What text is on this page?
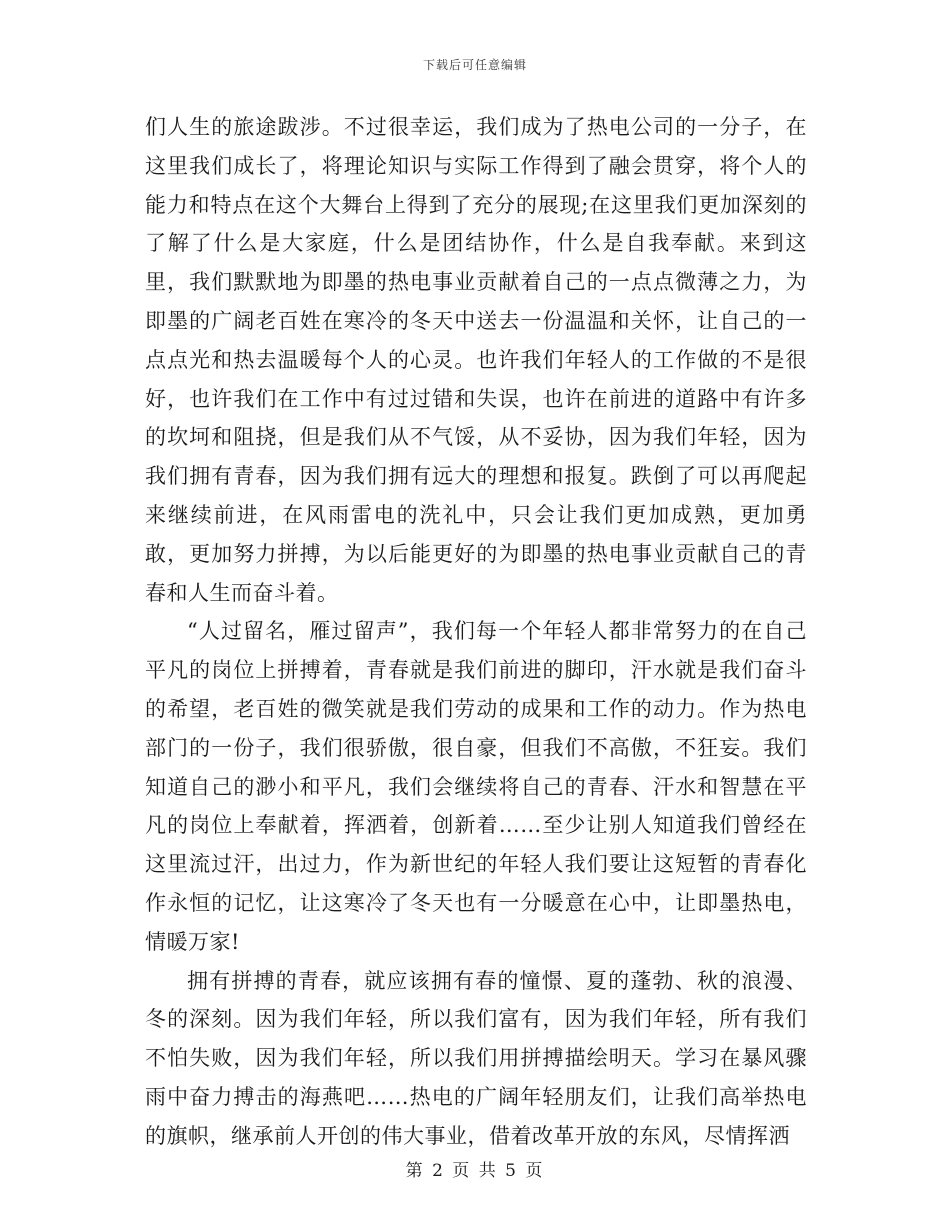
下载后可任意编辑

们人生的旅途跋涉。不过很幸运，我们成为了热电公司的一分子，在这里我们成长了，将理论知识与实际工作得到了融会贯穿，将个人的能力和特点在这个大舞台上得到了充分的展现;在这里我们更加深刻的了解了什么是大家庭，什么是团结协作，什么是自我奉献。来到这里，我们默默地为即墨的热电事业贡献着自己的一点点微薄之力，为即墨的广阔老百姓在寒冷的冬天中送去一份温温和关怀，让自己的一点点光和热去温暖每个人的心灵。也许我们年轻人的工作做的不是很好，也许我们在工作中有过过错和失误，也许在前进的道路中有许多的坎坷和阻挠，但是我们从不气馁，从不妥协，因为我们年轻，因为我们拥有青春，因为我们拥有远大的理想和报复。跌倒了可以再爬起来继续前进，在风雨雷电的洗礼中，只会让我们更加成熟，更加勇敢，更加努力拼搏，为以后能更好的为即墨的热电事业贡献自己的青春和人生而奋斗着。

“人过留名，雁过留声”，我们每一个年轻人都非常努力的在自己平凡的岗位上拼搏着，青春就是我们前进的脚印，汗水就是我们奋斗的希望，老百姓的微笑就是我们劳动的成果和工作的动力。作为热电部门的一份子，我们很骄傲，很自豪，但我们不高傲，不狂妄。我们知道自己的渺小和平凡，我们会继续将自己的青春、汗水和智慧在平凡的岗位上奉献着，挥洒着，创新着……至少让别人知道我们曾经在这里流过汗，出过力，作为新世纪的年轻人我们要让这短暂的青春化作永恒的记忆，让这寒冷了冬天也有一分暖意在心中，让即墨热电，情暖万家!

拥有拼搏的青春，就应该拥有春的憧憬、夏的蓬勃、秋的浪漫、冬的深刻。因为我们年轻，所以我们富有，因为我们年轻，所有我们不怕失败，因为我们年轻，所以我们用拼搏描绘明天。学习在暴风骤雨中奋力搏击的海燕吧……热电的广阔年轻朋友们，让我们高举热电的旗帜，继承前人开创的伟大事业，借着改革开放的东风，尽情挥洒

第 2 页 共 5 页
